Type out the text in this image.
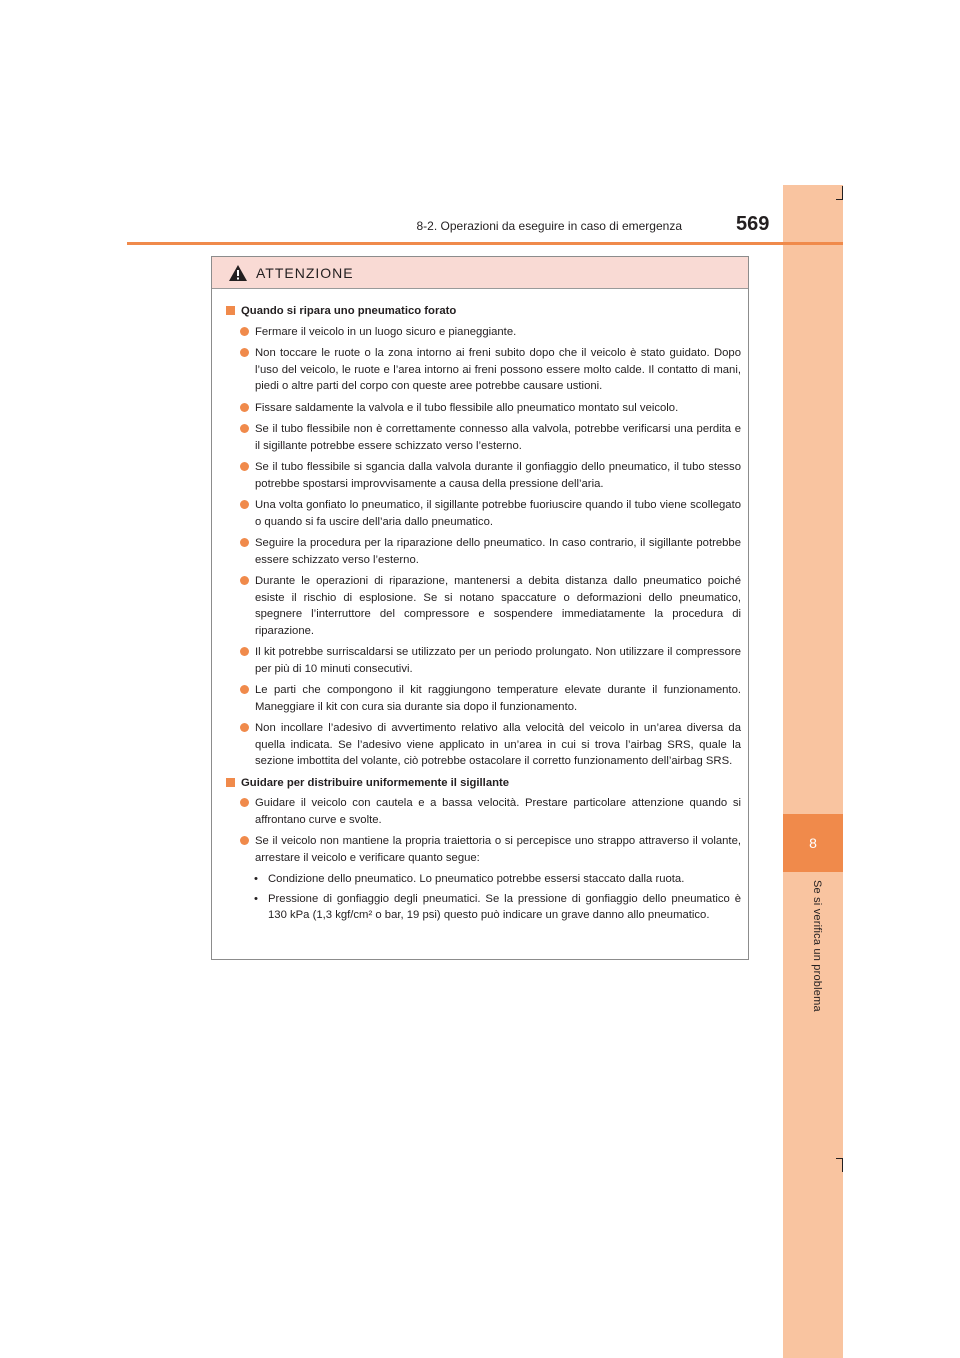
8
Se si verifica un problema
8-2. Operazioni da eseguire in caso di emergenza	569
ATTENZIONE
Quando si ripara uno pneumatico forato
Fermare il veicolo in un luogo sicuro e pianeggiante.
Non toccare le ruote o la zona intorno ai freni subito dopo che il veicolo è stato guidato. Dopo l’uso del veicolo, le ruote e l’area intorno ai freni possono essere molto calde. Il contatto di mani, piedi o altre parti del corpo con queste aree potrebbe causare ustioni.
Fissare saldamente la valvola e il tubo flessibile allo pneumatico montato sul veicolo.
Se il tubo flessibile non è correttamente connesso alla valvola, potrebbe verificarsi una perdita e il sigillante potrebbe essere schizzato verso l’esterno.
Se il tubo flessibile si sgancia dalla valvola durante il gonfiaggio dello pneumatico, il tubo stesso potrebbe spostarsi improvvisamente a causa della pressione dell’aria.
Una volta gonfiato lo pneumatico, il sigillante potrebbe fuoriuscire quando il tubo viene scollegato o quando si fa uscire dell’aria dallo pneumatico.
Seguire la procedura per la riparazione dello pneumatico. In caso contrario, il sigillante potrebbe essere schizzato verso l’esterno.
Durante le operazioni di riparazione, mantenersi a debita distanza dallo pneumatico poiché esiste il rischio di esplosione. Se si notano spaccature o deformazioni dello pneumatico, spegnere l’interruttore del compressore e sospendere immediatamente la procedura di riparazione.
Il kit potrebbe surriscaldarsi se utilizzato per un periodo prolungato. Non utilizzare il compressore per più di 10 minuti consecutivi.
Le parti che compongono il kit raggiungono temperature elevate durante il funzionamento. Maneggiare il kit con cura sia durante sia dopo il funzionamento.
Non incollare l’adesivo di avvertimento relativo alla velocità del veicolo in un’area diversa da quella indicata. Se l’adesivo viene applicato in un’area in cui si trova l’airbag SRS, quale la sezione imbottita del volante, ciò potrebbe ostacolare il corretto funzionamento dell’airbag SRS.
Guidare per distribuire uniformemente il sigillante
Guidare il veicolo con cautela e a bassa velocità. Prestare particolare attenzione quando si affrontano curve e svolte.
Se il veicolo non mantiene la propria traiettoria o si percepisce uno strappo attraverso il volante, arrestare il veicolo e verificare quanto segue:
• Condizione dello pneumatico. Lo pneumatico potrebbe essersi staccato dalla ruota.
• Pressione di gonfiaggio degli pneumatici. Se la pressione di gonfiaggio dello pneumatico è 130 kPa (1,3 kgf/cm² o bar, 19 psi) questo può indicare un grave danno allo pneumatico.
